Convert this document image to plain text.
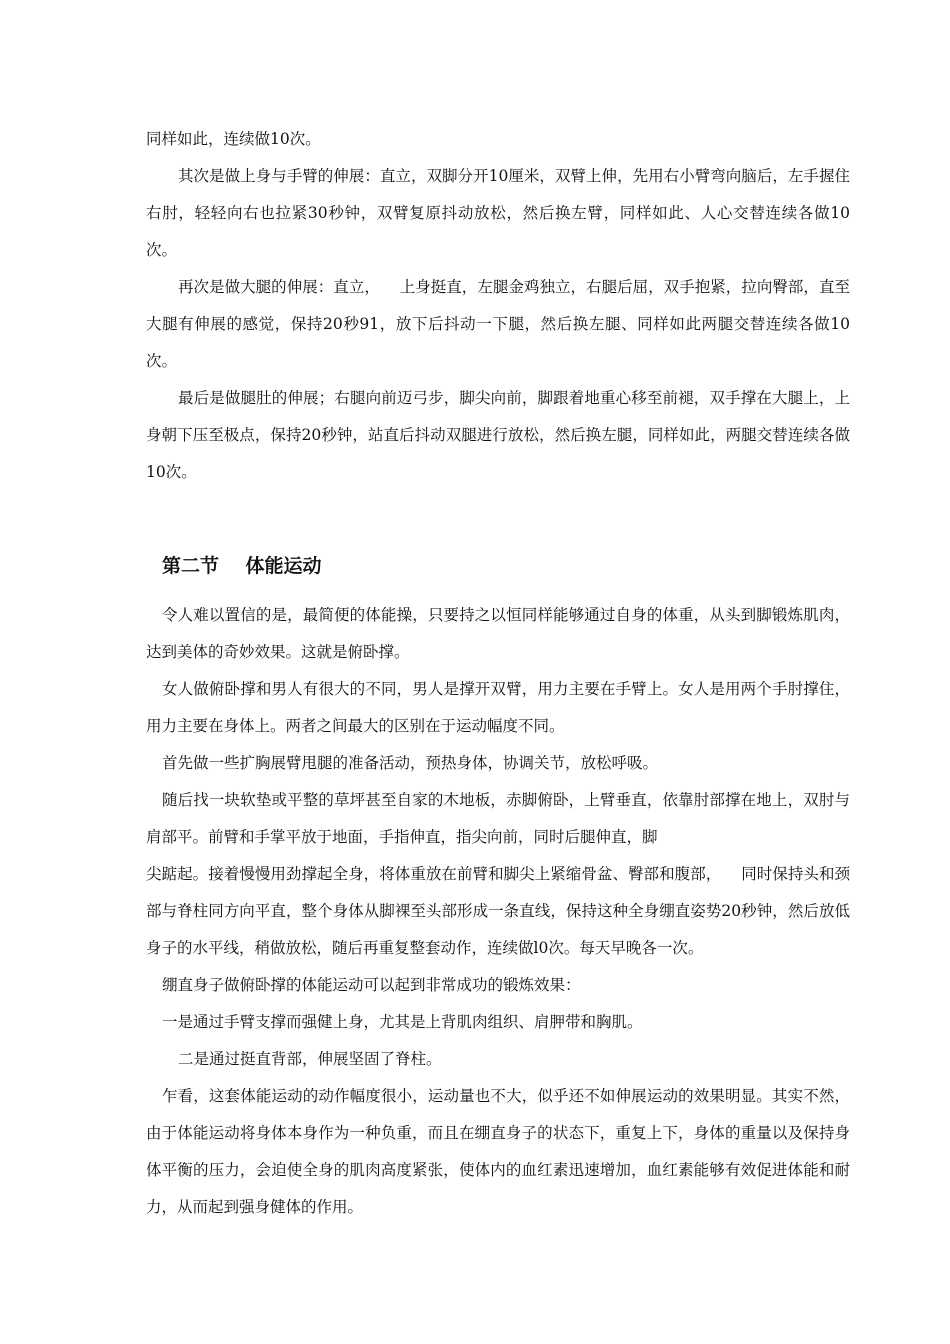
同样如此，连续做10次。

其次是做上身与手臂的伸展：直立，双脚分开10厘米，双臂上伸，先用右小臂弯向脑后，左手握住右肘，轻轻向右也拉紧30秒钟，双臂复原抖动放松，然后换左臂，同样如此、人心交替连续各做10次。

再次是做大腿的伸展：直立，    上身挺直，左腿金鸡独立，右腿后屈，双手抱紧，拉向臀部，直至大腿有伸展的感觉，保持20秒91，放下后抖动一下腿，然后换左腿、同样如此两腿交替连续各做10次。

最后是做腿肚的伸展；右腿向前迈弓步，脚尖向前，脚跟着地重心移至前褪，双手撑在大腿上，上身朝下压至极点，保持20秒钟，站直后抖动双腿进行放松，然后换左腿，同样如此，两腿交替连续各做10次。

第二节    体能运动

令人难以置信的是，最简便的体能操，只要持之以恒同样能够通过自身的体重，从头到脚锻炼肌肉，达到美体的奇妙效果。这就是俯卧撑。

女人做俯卧撑和男人有很大的不同，男人是撑开双臂，用力主要在手臂上。女人是用两个手肘撑住，用力主要在身体上。两者之间最大的区别在于运动幅度不同。

首先做一些扩胸展臂甩腿的准备活动，预热身体，协调关节，放松呼吸。

随后找一块软垫或平整的草坪甚至自家的木地板，赤脚俯卧，上臂垂直，依靠肘部撑在地上，双肘与肩部平。前臂和手掌平放于地面，手指伸直，指尖向前，同时后腿伸直，脚

尖踮起。接着慢慢用劲撑起全身，将体重放在前臂和脚尖上紧缩骨盆、臀部和腹部，    同时保持头和颈部与脊柱同方向平直，整个身体从脚裸至头部形成一条直线，保持这种全身绷直姿势20秒钟，然后放低身子的水平线，稍做放松，随后再重复整套动作，连续做l0次。每天早晚各一次。

绷直身子做俯卧撑的体能运动可以起到非常成功的锻炼效果：

一是通过手臂支撑而强健上身，尤其是上背肌肉组织、肩胛带和胸肌。

二是通过挺直背部，伸展坚固了脊柱。

乍看，这套体能运动的动作幅度很小，运动量也不大，似乎还不如伸展运动的效果明显。其实不然，由于体能运动将身体本身作为一种负重，而且在绷直身子的状态下，重复上下，身体的重量以及保持身体平衡的压力，会迫使全身的肌肉高度紧张，使体内的血红素迅速增加，血红素能够有效促进体能和耐力，从而起到强身健体的作用。
